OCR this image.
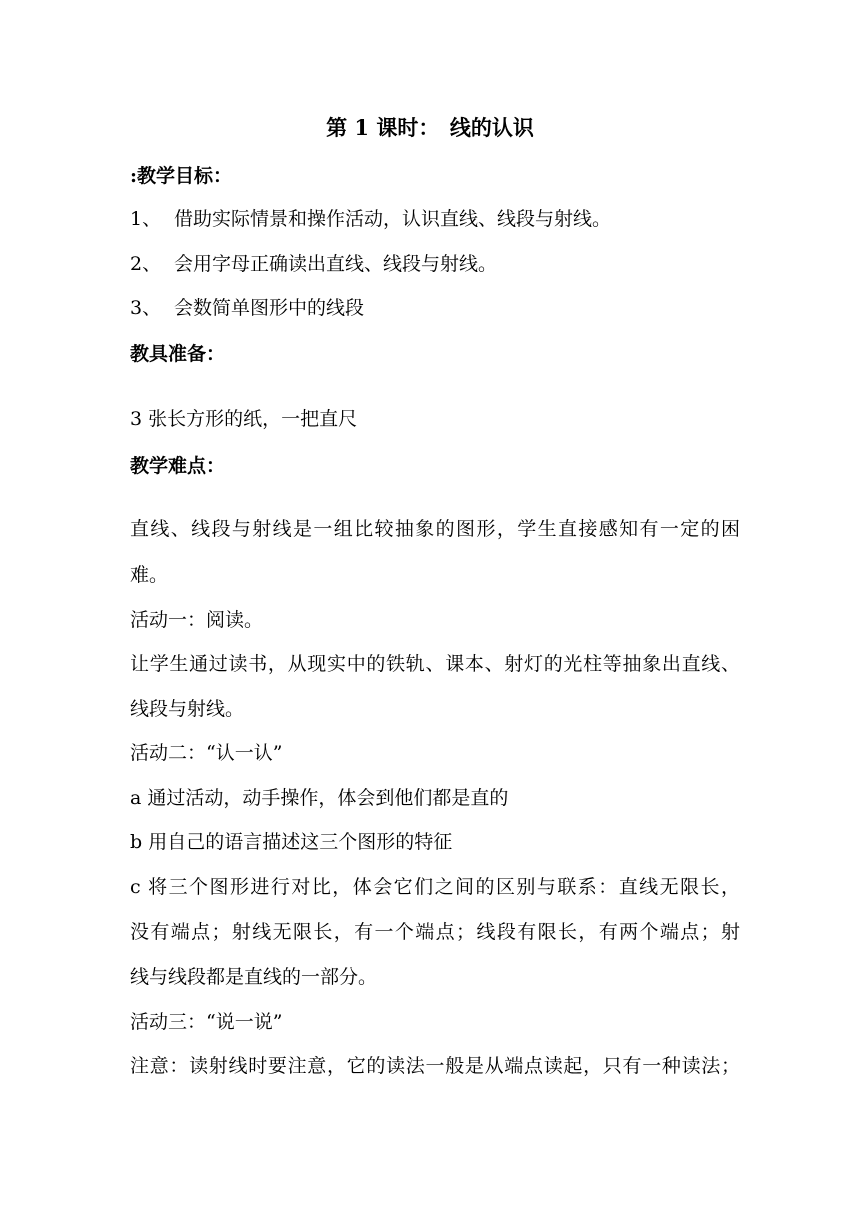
第 1 课时：　线的认识
:教学目标：
1、 借助实际情景和操作活动，认识直线、线段与射线。
2、 会用字母正确读出直线、线段与射线。
3、 会数简单图形中的线段
教具准备：
3 张长方形的纸，一把直尺
教学难点：
直线、线段与射线是一组比较抽象的图形，学生直接感知有一定的困
难。
活动一：阅读。
让学生通过读书，从现实中的铁轨、课本、射灯的光柱等抽象出直线、
线段与射线。
活动二：“认一认”
a 通过活动，动手操作，体会到他们都是直的
b 用自己的语言描述这三个图形的特征
c 将三个图形进行对比，体会它们之间的区别与联系：直线无限长，
没有端点；射线无限长，有一个端点；线段有限长，有两个端点；射
线与线段都是直线的一部分。
活动三：“说一说”
注意：读射线时要注意，它的读法一般是从端点读起，只有一种读法；
